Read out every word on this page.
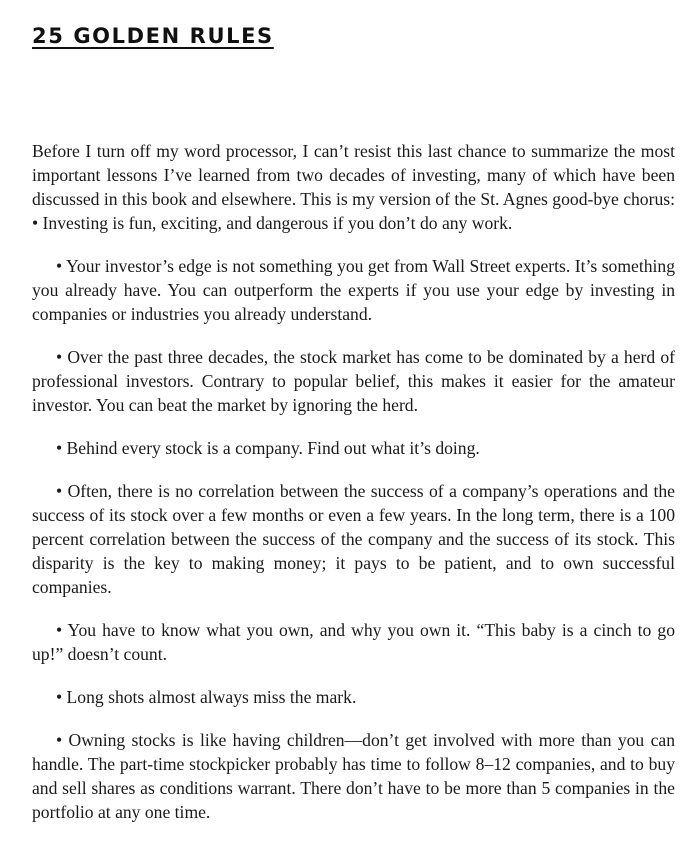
25 GOLDEN RULES

Before I turn off my word processor, I can’t resist this last chance to summarize the most important lessons I’ve learned from two decades of investing, many of which have been discussed in this book and elsewhere. This is my version of the St. Agnes good-bye chorus: • Investing is fun, exciting, and dangerous if you don’t do any work.

• Your investor’s edge is not something you get from Wall Street experts. It’s something you already have. You can outperform the experts if you use your edge by investing in companies or industries you already understand.

• Over the past three decades, the stock market has come to be dominated by a herd of professional investors. Contrary to popular belief, this makes it easier for the amateur investor. You can beat the market by ignoring the herd.

• Behind every stock is a company. Find out what it’s doing.

• Often, there is no correlation between the success of a company’s operations and the success of its stock over a few months or even a few years. In the long term, there is a 100 percent correlation between the success of the company and the success of its stock. This disparity is the key to making money; it pays to be patient, and to own successful companies.

• You have to know what you own, and why you own it. “This baby is a cinch to go up!” doesn’t count.

• Long shots almost always miss the mark.

• Owning stocks is like having children—don’t get involved with more than you can handle. The part-time stockpicker probably has time to follow 8–12 companies, and to buy and sell shares as conditions warrant. There don’t have to be more than 5 companies in the portfolio at any one time.
